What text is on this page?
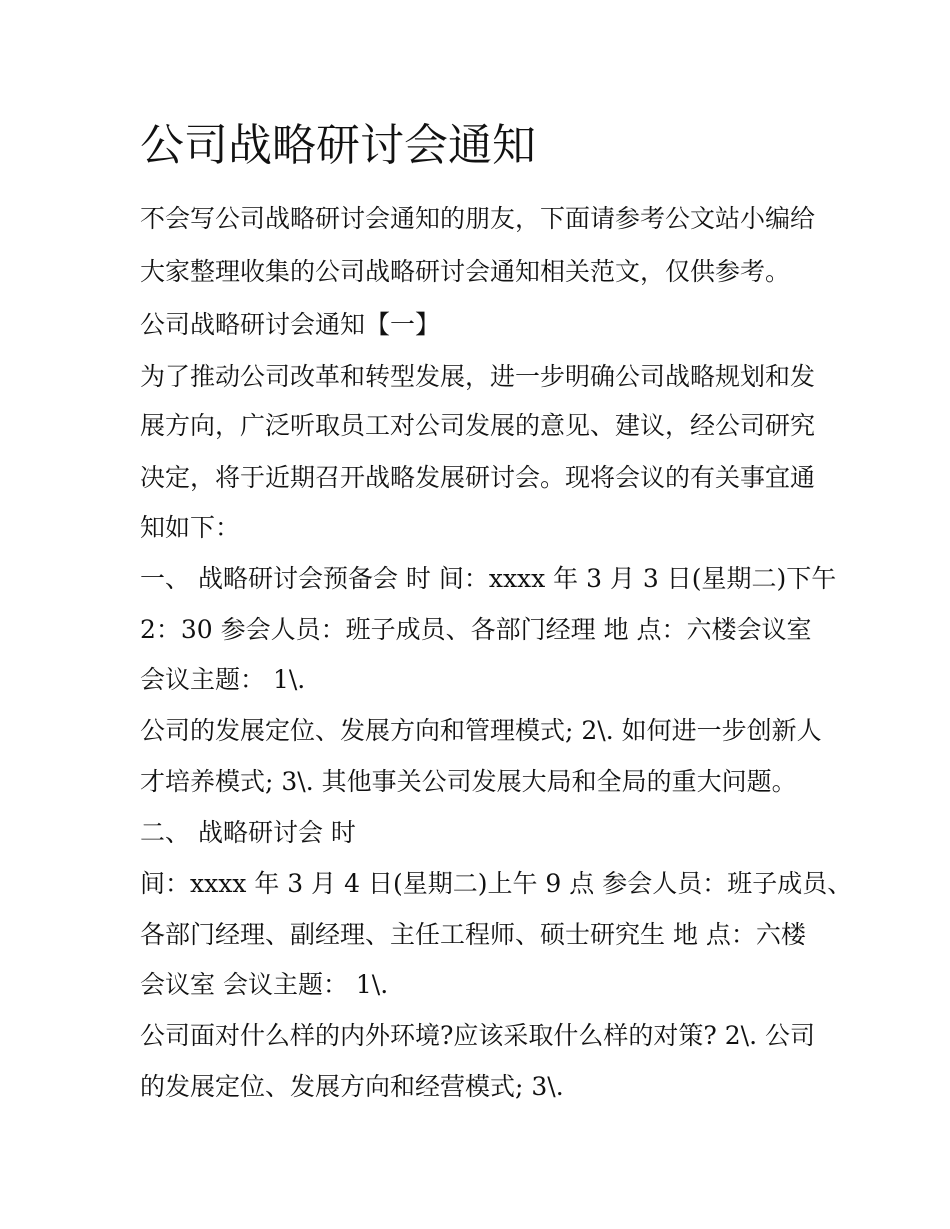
公司战略研讨会通知
不会写公司战略研讨会通知的朋友，下面请参考公文站小编给
大家整理收集的公司战略研讨会通知相关范文，仅供参考。
公司战略研讨会通知【一】
为了推动公司改革和转型发展，进一步明确公司战略规划和发
展方向，广泛听取员工对公司发展的意见、建议，经公司研究
决定，将于近期召开战略发展研讨会。现将会议的有关事宜通
知如下：
一、 战略研讨会预备会 时 间：xxxx 年 3 月 3 日(星期二)下午
2：30 参会人员：班子成员、各部门经理 地 点：六楼会议室
会议主题： 1\.
公司的发展定位、发展方向和管理模式; 2\. 如何进一步创新人
才培养模式; 3\. 其他事关公司发展大局和全局的重大问题。
二、 战略研讨会 时
间：xxxx 年 3 月 4 日(星期二)上午 9 点 参会人员：班子成员、
各部门经理、副经理、主任工程师、硕士研究生 地 点：六楼
会议室 会议主题： 1\.
公司面对什么样的内外环境?应该采取什么样的对策? 2\. 公司
的发展定位、发展方向和经营模式; 3\.
